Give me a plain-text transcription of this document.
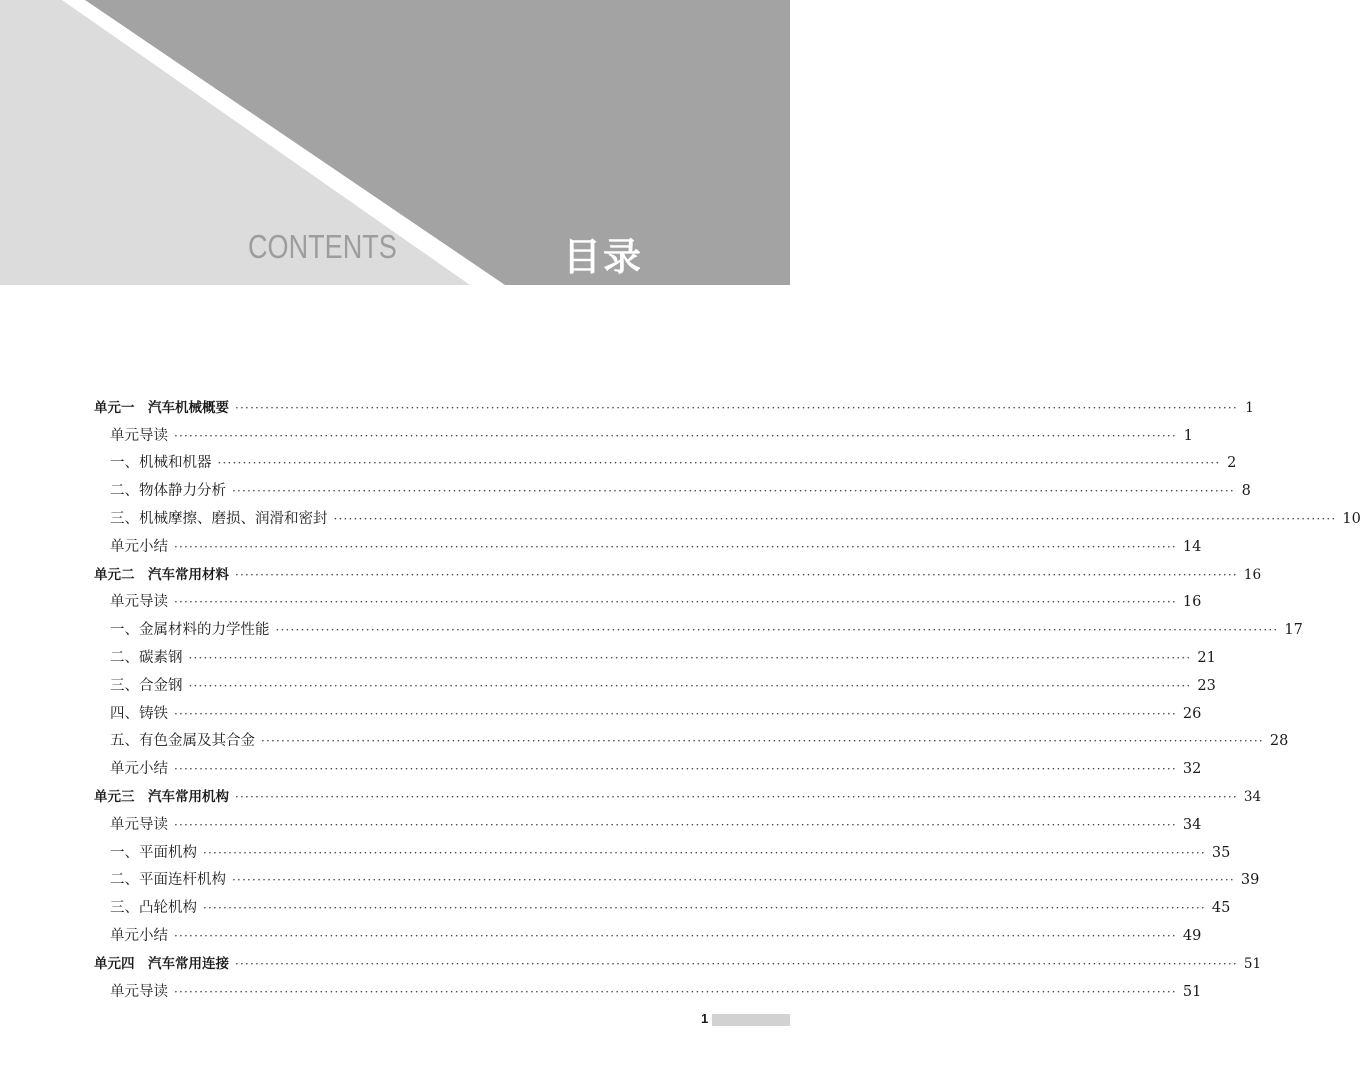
CONTENTS	目录
单元一　汽车机械概要 ········································································································································································································ 1
单元导读 ········································································································································································································ 1
一、机械和机器 ········································································································································································································ 2
二、物体静力分析 ········································································································································································································ 8
三、机械摩擦、磨损、润滑和密封 ········································································································································································································ 10
单元小结 ········································································································································································································ 14
单元二　汽车常用材料 ········································································································································································································ 16
单元导读 ········································································································································································································ 16
一、金属材料的力学性能 ········································································································································································································ 17
二、碳素钢 ········································································································································································································ 21
三、合金钢 ········································································································································································································ 23
四、铸铁 ········································································································································································································ 26
五、有色金属及其合金 ········································································································································································································ 28
单元小结 ········································································································································································································ 32
单元三　汽车常用机构 ········································································································································································································ 34
单元导读 ········································································································································································································ 34
一、平面机构 ········································································································································································································ 35
二、平面连杆机构 ········································································································································································································ 39
三、凸轮机构 ········································································································································································································ 45
单元小结 ········································································································································································································ 49
单元四　汽车常用连接 ········································································································································································································ 51
单元导读 ········································································································································································································ 51
1
